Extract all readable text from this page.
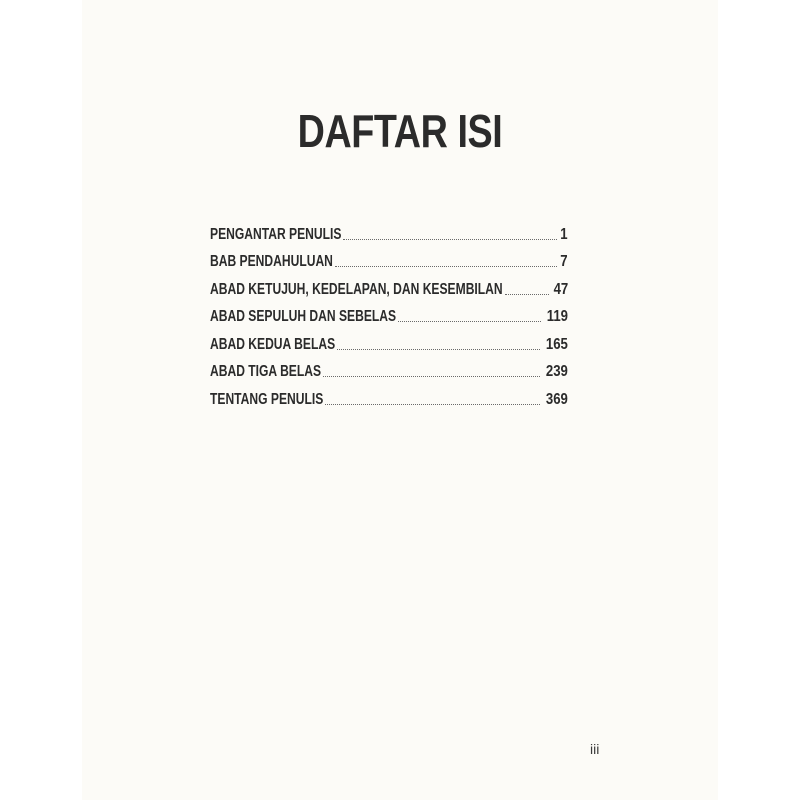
DAFTAR ISI
PENGANTAR PENULIS	1
BAB PENDAHULUAN	7
ABAD KETUJUH, KEDELAPAN, DAN KESEMBILAN	47
ABAD SEPULUH DAN SEBELAS	119
ABAD KEDUA BELAS	165
ABAD TIGA BELAS	239
TENTANG PENULIS	369
iii
